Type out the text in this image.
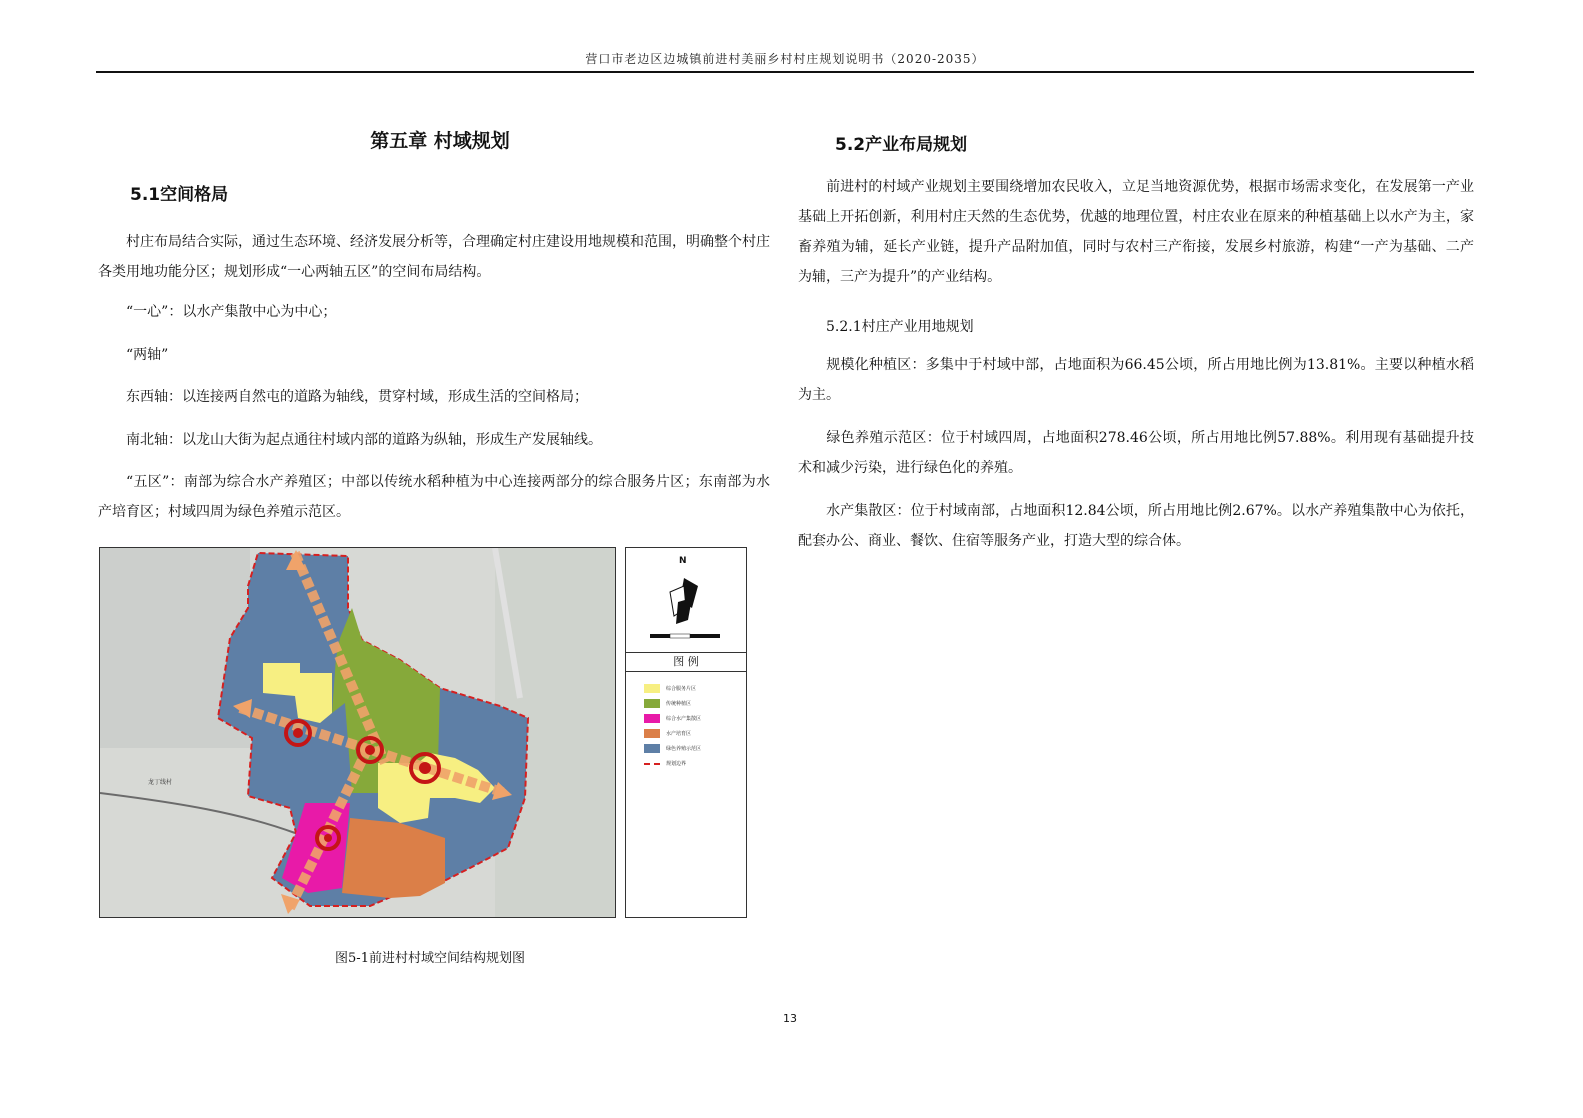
营口市老边区边城镇前进村美丽乡村村庄规划说明书（2020-2035）
第五章 村域规划
5.1空间格局
村庄布局结合实际，通过生态环境、经济发展分析等，合理确定村庄建设用地规模和范围，明确整个村庄各类用地功能分区；规划形成“一心两轴五区”的空间布局结构。
“一心”：以水产集散中心为中心；
“两轴”
东西轴：以连接两自然屯的道路为轴线，贯穿村域，形成生活的空间格局；
南北轴：以龙山大街为起点通往村域内部的道路为纵轴，形成生产发展轴线。
“五区”：南部为综合水产养殖区；中部以传统水稻种植为中心连接两部分的综合服务片区；东南部为水产培育区；村域四周为绿色养殖示范区。
龙丁线村
N
图 例
综合服务片区
传统种植区
综合水产集散区
水产培育区
绿色养殖示范区
规划边界
图5-1前进村村域空间结构规划图
5.2产业布局规划
前进村的村域产业规划主要围绕增加农民收入，立足当地资源优势，根据市场需求变化，在发展第一产业基础上开拓创新，利用村庄天然的生态优势，优越的地理位置，村庄农业在原来的种植基础上以水产为主，家畜养殖为辅，延长产业链，提升产品附加值，同时与农村三产衔接，发展乡村旅游，构建“一产为基础、二产为辅，三产为提升”的产业结构。
5.2.1村庄产业用地规划
规模化种植区：多集中于村域中部，占地面积为66.45公顷，所占用地比例为13.81%。主要以种植水稻为主。
绿色养殖示范区：位于村域四周，占地面积278.46公顷，所占用地比例57.88%。利用现有基础提升技术和减少污染，进行绿色化的养殖。
水产集散区：位于村域南部，占地面积12.84公顷，所占用地比例2.67%。以水产养殖集散中心为依托，配套办公、商业、餐饮、住宿等服务产业，打造大型的综合体。
13
